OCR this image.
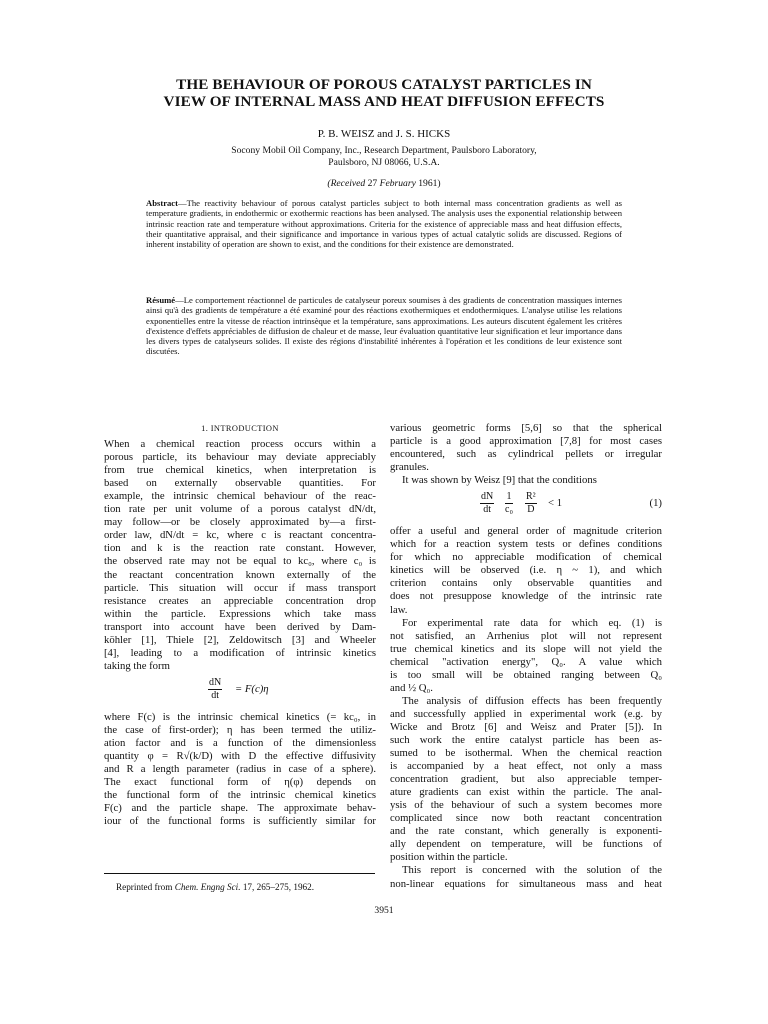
THE BEHAVIOUR OF POROUS CATALYST PARTICLES IN
VIEW OF INTERNAL MASS AND HEAT DIFFUSION EFFECTS
P. B. WEISZ and J. S. HICKS
Socony Mobil Oil Company, Inc., Research Department, Paulsboro Laboratory,
Paulsboro, NJ 08066, U.S.A.
(Received 27 February 1961)
Abstract—The reactivity behaviour of porous catalyst particles subject to both internal mass concentration gradients as well as temperature gradients, in endothermic or exothermic reactions has been analysed. The analysis uses the exponential relationship between intrinsic reaction rate and temperature without approximations. Criteria for the existence of appreciable mass and heat diffusion effects, their quantitative appraisal, and their significance and importance in various types of actual catalytic solids are discussed. Regions of inherent instability of operation are shown to exist, and the conditions for their existence are demonstrated.
Résumé—Le comportement réactionnel de particules de catalyseur poreux soumises à des gradients de concentration massiques internes ainsi qu'à des gradients de température a été examiné pour des réactions exothermiques et endothermiques. L'analyse utilise les relations exponentielles entre la vitesse de réaction intrinsèque et la température, sans approximations. Les auteurs discutent également les critères d'existence d'effets appréciables de diffusion de chaleur et de masse, leur évaluation quantitative leur signification et leur importance dans les divers types de catalyseurs solides. Il existe des régions d'instabilité inhérentes à l'opération et les conditions de leur existence sont discutées.
1. INTRODUCTION
When a chemical reaction process occurs within a
porous particle, its behaviour may deviate appreciably
from true chemical kinetics, when interpretation is
based on externally observable quantities. For
example, the intrinsic chemical behaviour of the reac-
tion rate per unit volume of a porous catalyst dN/dt,
may follow—or be closely approximated by—a first-
order law, dN/dt = kc, where c is reactant concentra-
tion and k is the reaction rate constant. However,
the observed rate may not be equal to kc₀, where c₀ is
the reactant concentration known externally of the
particle. This situation will occur if mass transport
resistance creates an appreciable concentration drop
within the particle. Expressions which take mass
transport into account have been derived by Dam-
köhler [1], Thiele [2], Zeldowitsch [3] and Wheeler
[4], leading to a modification of intrinsic kinetics
taking the form
$\frac{dN}{dt} = F(c)\eta$
where F(c) is the intrinsic chemical kinetics (= kc₀, in
the case of first-order); η has been termed the utiliz-
ation factor and is a function of the dimensionless
quantity φ = R√(k/D) with D the effective diffusivity
and R a length parameter (radius in case of a sphere).
The exact functional form of η(φ) depends on
the functional form of the intrinsic chemical kinetics
F(c) and the particle shape. The approximate behav-
iour of the functional forms is sufficiently similar for
various geometric forms [5,6] so that the spherical
particle is a good approximation [7,8] for most cases
encountered, such as cylindrical pellets or irregular
granules.
It was shown by Weisz [9] that the conditions
$\frac{dN}{dt} \frac{1}{\text{c₀}} \frac{\text{R²}}{D} < 1$	(1)
offer a useful and general order of magnitude criterion
which for a reaction system tests or defines conditions
for which no appreciable modification of chemical
kinetics will be observed (i.e. η ~ 1), and which
criterion contains only observable quantities and
does not presuppose knowledge of the intrinsic rate
law.
For experimental rate data for which eq. (1) is
not satisfied, an Arrhenius plot will not represent
true chemical kinetics and its slope will not yield the
chemical "activation energy", Q₀. A value which
is too small will be obtained ranging between Q₀
and ½ Q₀.
The analysis of diffusion effects has been frequently
and successfully applied in experimental work (e.g. by
Wicke and Brotz [6] and Weisz and Prater [5]). In
such work the entire catalyst particle has been as-
sumed to be isothermal. When the chemical reaction
is accompanied by a heat effect, not only a mass
concentration gradient, but also appreciable temper-
ature gradients can exist within the particle. The anal-
ysis of the behaviour of such a system becomes more
complicated since now both reactant concentration
and the rate constant, which generally is exponenti-
ally dependent on temperature, will be functions of
position within the particle.
This report is concerned with the solution of the
non-linear equations for simultaneous mass and heat
Reprinted from Chem. Engng Sci. 17, 265–275, 1962.
3951
